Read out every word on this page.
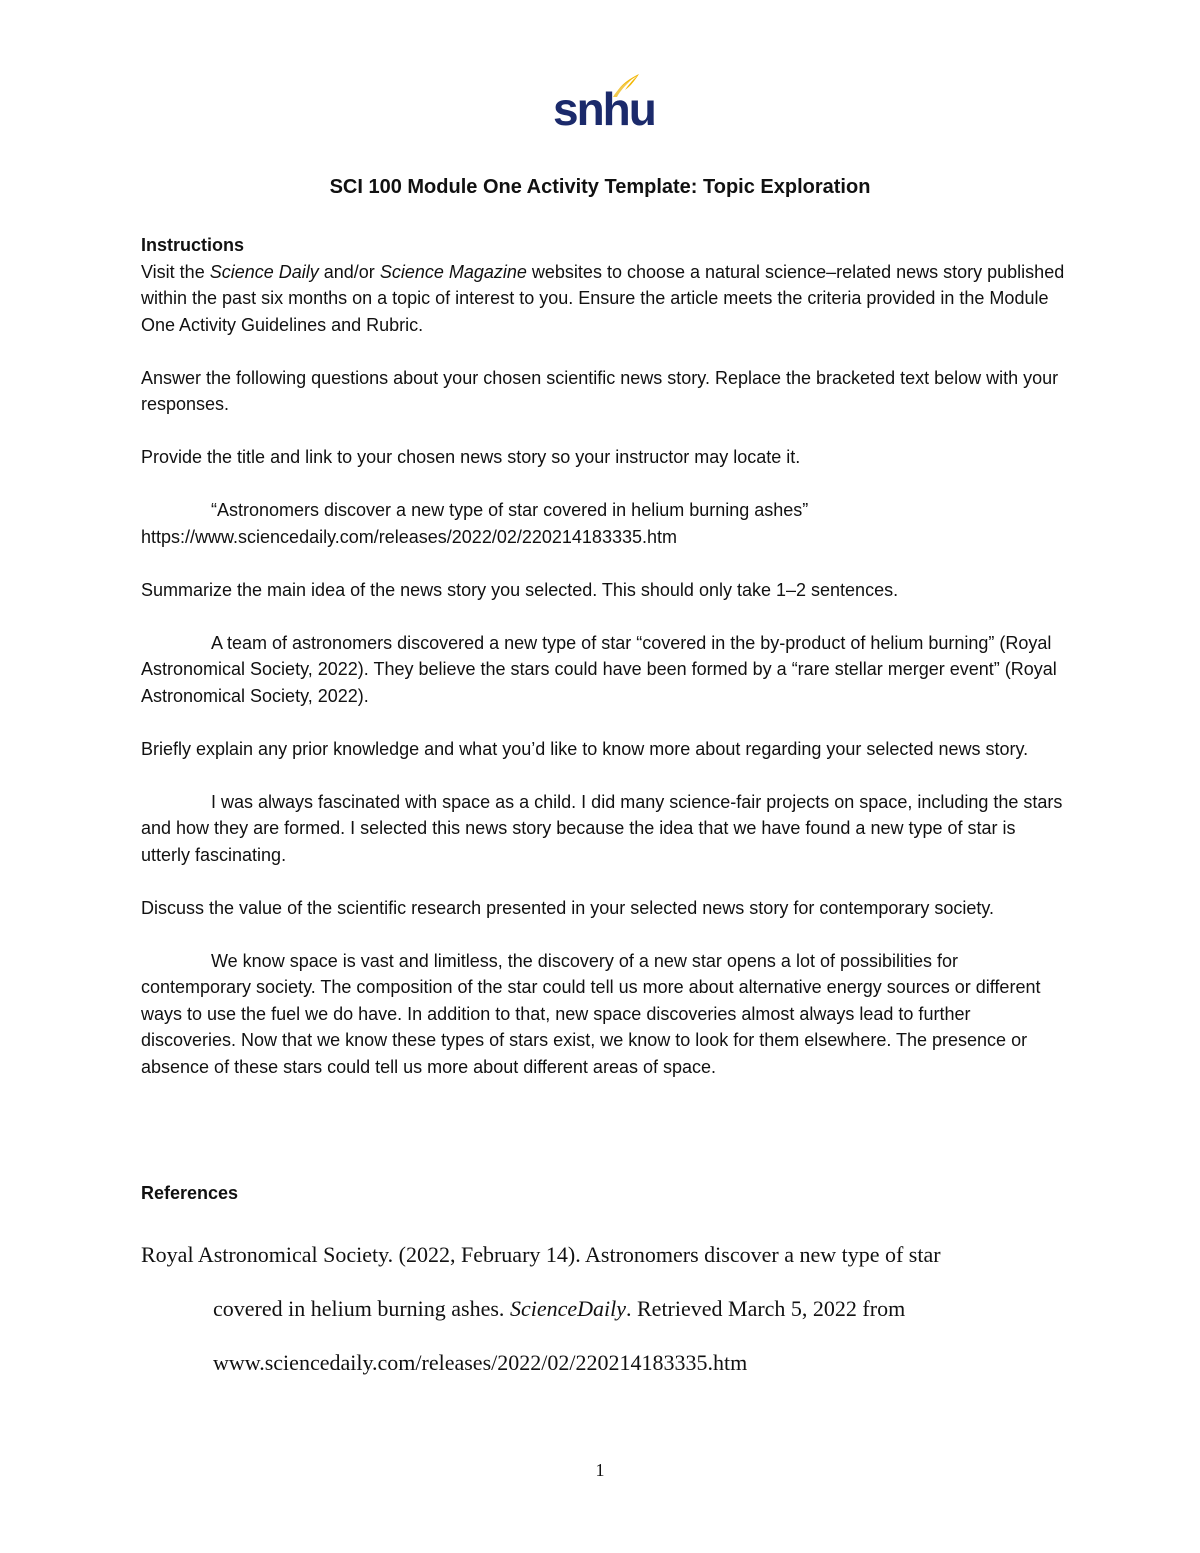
snhu
SCI 100 Module One Activity Template: Topic Exploration

Instructions

Visit the Science Daily and/or Science Magazine websites to choose a natural science–related news story published within the past six months on a topic of interest to you. Ensure the article meets the criteria provided in the Module One Activity Guidelines and Rubric.

Answer the following questions about your chosen scientific news story. Replace the bracketed text below with your responses.

Provide the title and link to your chosen news story so your instructor may locate it.

“Astronomers discover a new type of star covered in helium burning ashes”

https://www.sciencedaily.com/releases/2022/02/220214183335.htm

Summarize the main idea of the news story you selected. This should only take 1–2 sentences.

A team of astronomers discovered a new type of star “covered in the by-product of helium burning” (Royal Astronomical Society, 2022). They believe the stars could have been formed by a “rare stellar merger event” (Royal Astronomical Society, 2022).

Briefly explain any prior knowledge and what you’d like to know more about regarding your selected news story.

I was always fascinated with space as a child. I did many science-fair projects on space, including the stars and how they are formed. I selected this news story because the idea that we have found a new type of star is utterly fascinating.

Discuss the value of the scientific research presented in your selected news story for contemporary society.

We know space is vast and limitless, the discovery of a new star opens a lot of possibilities for contemporary society. The composition of the star could tell us more about alternative energy sources or different ways to use the fuel we do have. In addition to that, new space discoveries almost always lead to further discoveries. Now that we know these types of stars exist, we know to look for them elsewhere. The presence or absence of these stars could tell us more about different areas of space.

References
Royal Astronomical Society. (2022, February 14). Astronomers discover a new type of star
covered in helium burning ashes. ScienceDaily. Retrieved March 5, 2022 from
www.sciencedaily.com/releases/2022/02/220214183335.htm
1
